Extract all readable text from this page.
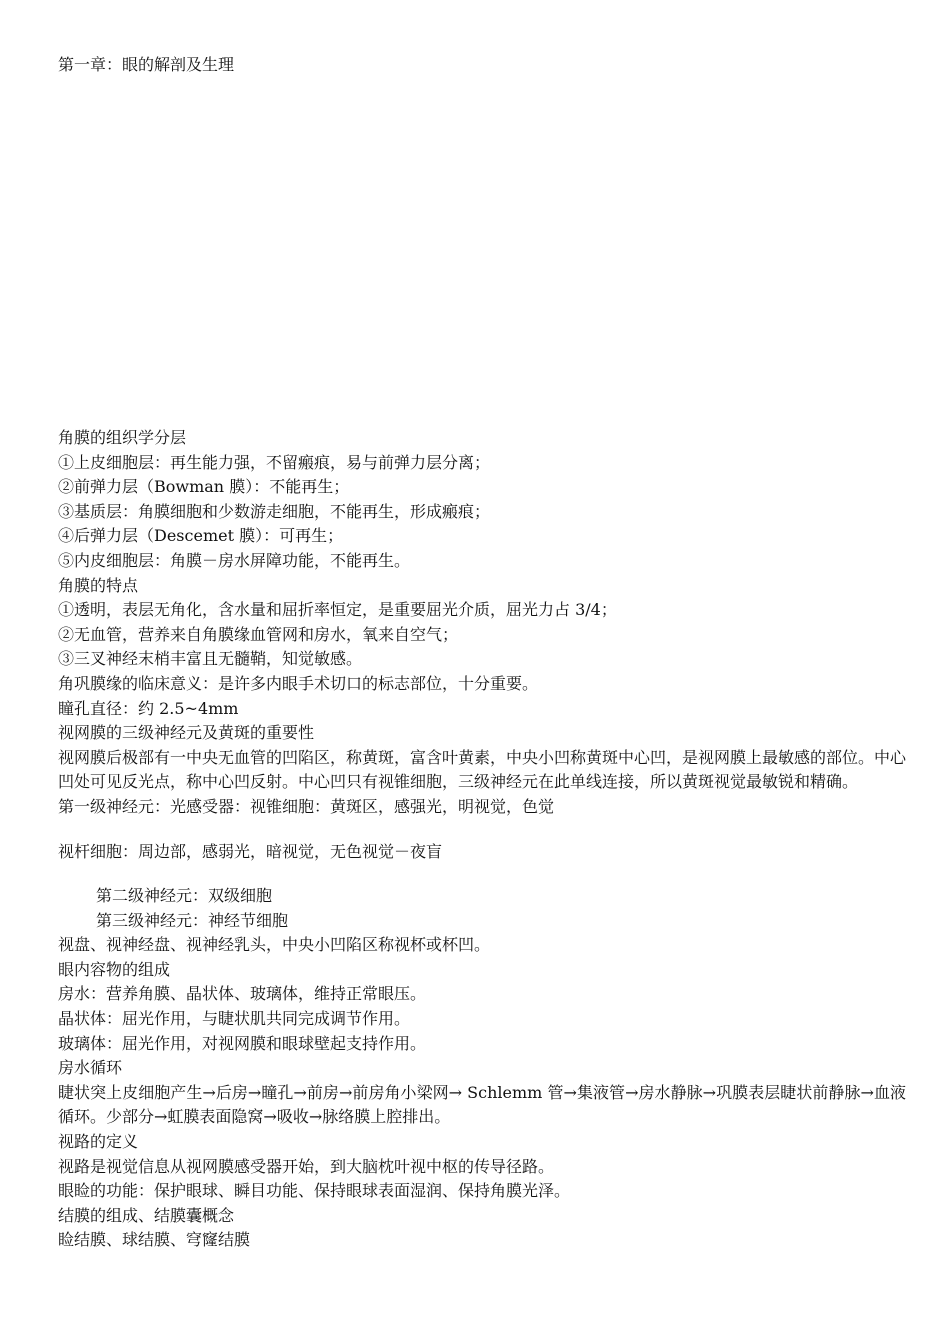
第一章：眼的解剖及生理
角膜的组织学分层
①上皮细胞层：再生能力强，不留瘢痕，易与前弹力层分离；
②前弹力层（Bowman 膜）：不能再生；
③基质层：角膜细胞和少数游走细胞，不能再生，形成瘢痕；
④后弹力层（Descemet 膜）：可再生；
⑤内皮细胞层：角膜－房水屏障功能，不能再生。
角膜的特点
①透明，表层无角化，含水量和屈折率恒定，是重要屈光介质，屈光力占 3/4；
②无血管，营养来自角膜缘血管网和房水，氧来自空气；
③三叉神经末梢丰富且无髓鞘，知觉敏感。
角巩膜缘的临床意义：是许多内眼手术切口的标志部位，十分重要。
瞳孔直径：约 2.5~4mm
视网膜的三级神经元及黄斑的重要性
视网膜后极部有一中央无血管的凹陷区，称黄斑，富含叶黄素，中央小凹称黄斑中心凹，是视网膜上最敏感的部位。中心凹处可见反光点，称中心凹反射。中心凹只有视锥细胞，三级神经元在此单线连接，所以黄斑视觉最敏锐和精确。
第一级神经元：光感受器：视锥细胞：黄斑区，感强光，明视觉，色觉
视杆细胞：周边部，感弱光，暗视觉，无色视觉－夜盲
第二级神经元：双级细胞
第三级神经元：神经节细胞
视盘、视神经盘、视神经乳头，中央小凹陷区称视杯或杯凹。
眼内容物的组成
房水：营养角膜、晶状体、玻璃体，维持正常眼压。
晶状体：屈光作用，与睫状肌共同完成调节作用。
玻璃体：屈光作用，对视网膜和眼球壁起支持作用。
房水循环
睫状突上皮细胞产生→后房→瞳孔→前房→前房角小梁网→ Schlemm 管→集液管→房水静脉→巩膜表层睫状前静脉→血液循环。少部分→虹膜表面隐窝→吸收→脉络膜上腔排出。
视路的定义
视路是视觉信息从视网膜感受器开始，到大脑枕叶视中枢的传导径路。
眼睑的功能：保护眼球、瞬目功能、保持眼球表面湿润、保持角膜光泽。
结膜的组成、结膜囊概念
睑结膜、球结膜、穹窿结膜
